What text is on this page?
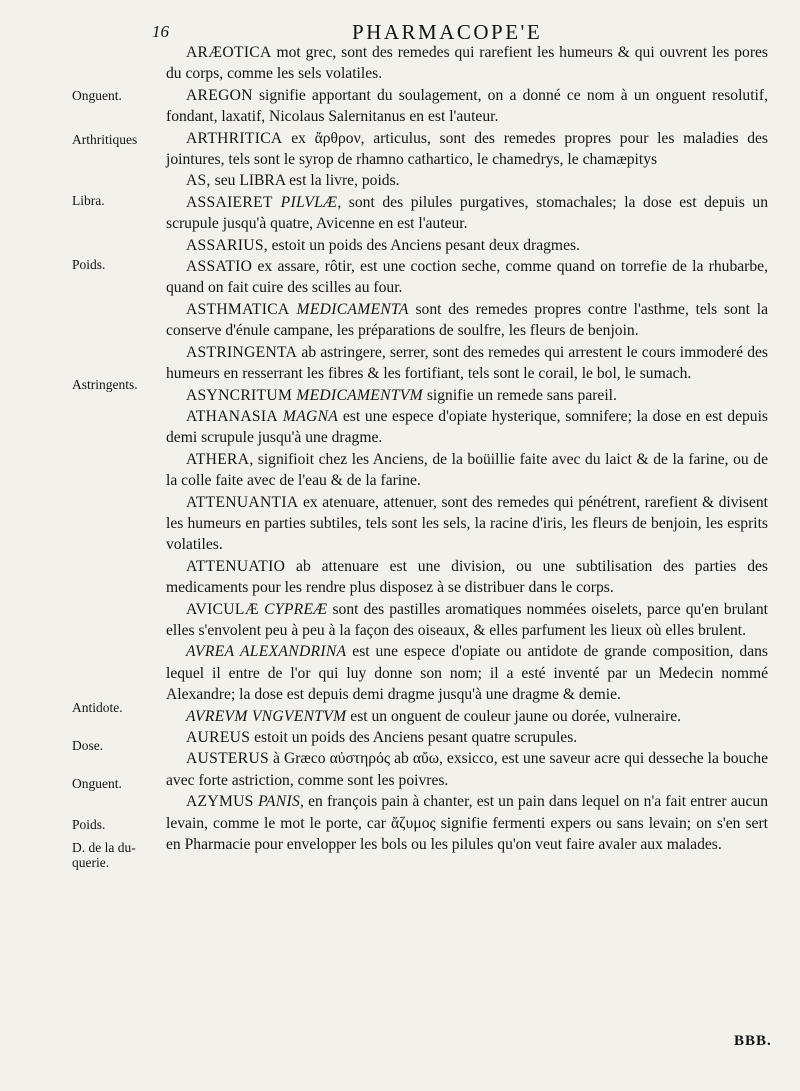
16	PHARMACOPE'E
Onguent.
Arthritiques
Libra.
Poids.
Astringents.
Antidote.
Dose.
Onguent.
Poids.
D. de la du-
querie.

ARÆOTICA mot grec, sont des remedes qui rarefient les humeurs & qui ouvrent les pores du corps, comme les sels volatiles.

AREGON signifie apportant du soulagement, on a donné ce nom à un onguent resolutif, fondant, laxatif, Nicolaus Salernitanus en est l'auteur.

ARTHRITICA ex ἄρθρον, articulus, sont des remedes propres pour les maladies des jointures, tels sont le syrop de rhamno cathartico, le chamedrys, le chamæpitys

AS, seu LIBRA est la livre, poids.

ASSAIERET PILVLÆ, sont des pilules purgatives, stomachales; la dose est depuis un scrupule jusqu'à quatre, Avicenne en est l'auteur.

ASSARIUS, estoit un poids des Anciens pesant deux dragmes.

ASSATIO ex assare, rôtir, est une coction seche, comme quand on torrefie de la rhubarbe, quand on fait cuire des scilles au four.

ASTHMATICA MEDICAMENTA sont des remedes propres contre l'asthme, tels sont la conserve d'énule campane, les préparations de soulfre, les fleurs de benjoin.

ASTRINGENTA ab astringere, serrer, sont des remedes qui arrestent le cours immoderé des humeurs en resserrant les fibres & les fortifiant, tels sont le corail, le bol, le sumach.

ASYNCRITUM MEDICAMENTVM signifie un remede sans pareil.

ATHANASIA MAGNA est une espece d'opiate hysterique, somnifere; la dose en est depuis demi scrupule jusqu'à une dragme.

ATHERA, signifioit chez les Anciens, de la boüillie faite avec du laict & de la farine, ou de la colle faite avec de l'eau & de la farine.

ATTENUANTIA ex atenuare, attenuer, sont des remedes qui pénétrent, rarefient & divisent les humeurs en parties subtiles, tels sont les sels, la racine d'iris, les fleurs de benjoin, les esprits volatiles.

ATTENUATIO ab attenuare est une division, ou une subtilisation des parties des medicaments pour les rendre plus disposez à se distribuer dans le corps.

AVICULÆ CYPREÆ sont des pastilles aromatiques nommées oiselets, parce qu'en brulant elles s'envolent peu à peu à la façon des oiseaux, & elles parfument les lieux où elles brulent.

AVREA ALEXANDRINA est une espece d'opiate ou antidote de grande composition, dans lequel il entre de l'or qui luy donne son nom; il a esté inventé par un Medecin nommé Alexandre; la dose est depuis demi dragme jusqu'à une dragme & demie.

AVREVM VNGVENTVM est un onguent de couleur jaune ou dorée, vulneraire.

AUREUS estoit un poids des Anciens pesant quatre scrupules.

AUSTERUS à Græco αὐστηρός ab αὔω, exsicco, est une saveur acre qui desseche la bouche avec forte astriction, comme sont les poivres.

AZYMUS PANIS, en françois pain à chanter, est un pain dans lequel on n'a fait entrer aucun levain, comme le mot le porte, car ἄζυμος signifie fermenti expers ou sans levain; on s'en sert en Pharmacie pour envelopper les bols ou les pilules qu'on veut faire avaler aux malades.

BBB.
